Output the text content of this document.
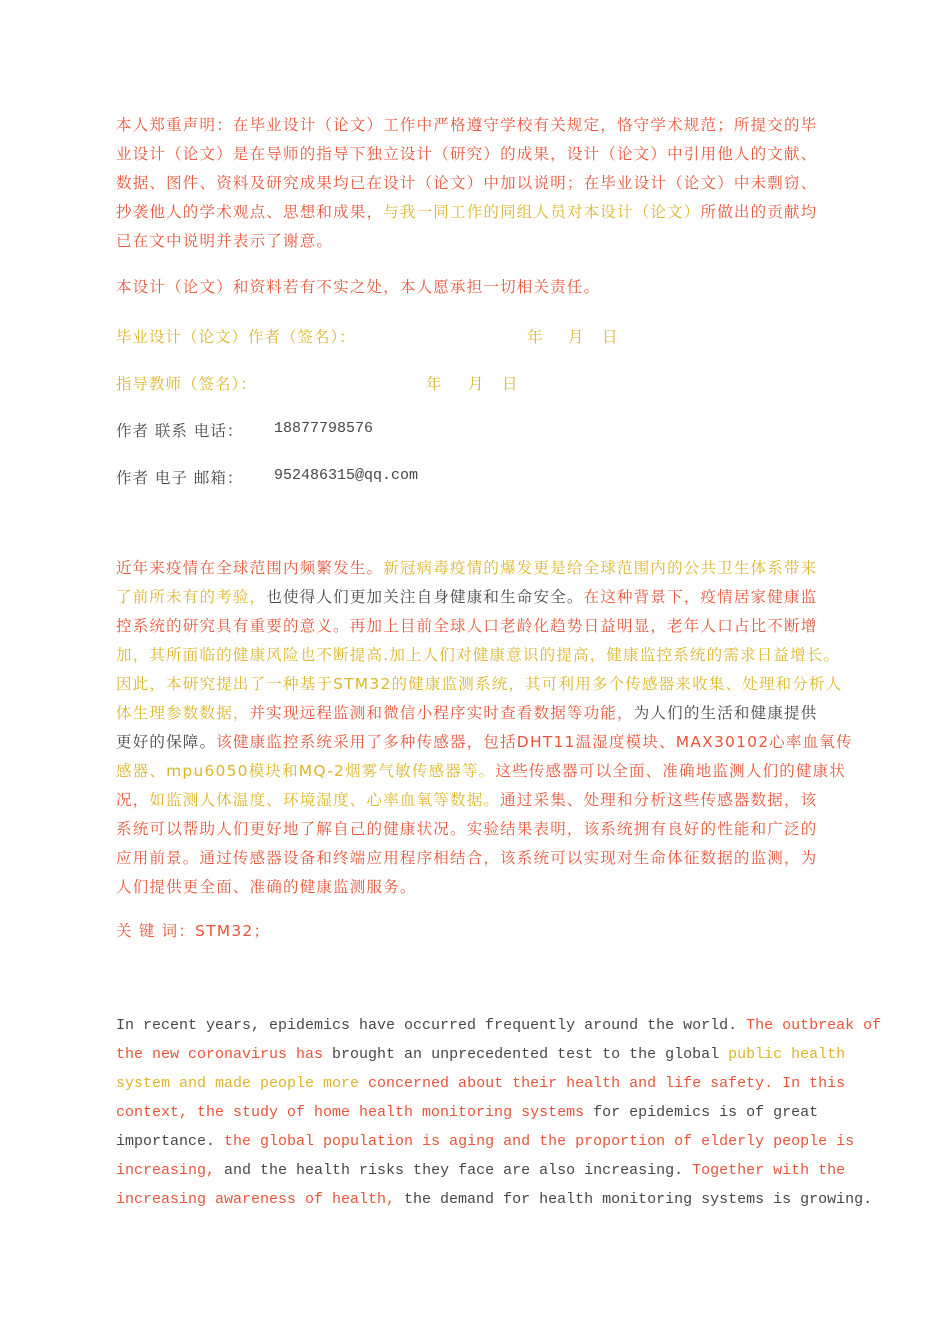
本人郑重声明：在毕业设计（论文）工作中严格遵守学校有关规定，恪守学术规范；所提交的毕
业设计（论文）是在导师的指导下独立设计（研究）的成果，设计（论文）中引用他人的文献、
数据、图件、资料及研究成果均已在设计（论文）中加以说明；在毕业设计（论文）中未剽窃、
抄袭他人的学术观点、思想和成果，与我一同工作的同组人员对本设计（论文）所做出的贡献均
已在文中说明并表示了谢意。
本设计（论文）和资料若有不实之处，本人愿承担一切相关责任。
毕业设计（论文）作者（签名）：	年 月 日
指导教师（签名）：	年 月 日
作者 联系 电话： 18877798576
作者 电子 邮箱： 952486315@qq.com
近年来疫情在全球范围内频繁发生。新冠病毒疫情的爆发更是给全球范围内的公共卫生体系带来
了前所未有的考验，也使得人们更加关注自身健康和生命安全。在这种背景下，疫情居家健康监
控系统的研究具有重要的意义。再加上目前全球人口老龄化趋势日益明显，老年人口占比不断增
加，其所面临的健康风险也不断提高.加上人们对健康意识的提高，健康监控系统的需求日益增长。
因此，本研究提出了一种基于STM32的健康监测系统，其可利用多个传感器来收集、处理和分析人
体生理参数数据，并实现远程监测和微信小程序实时查看数据等功能，为人们的生活和健康提供
更好的保障。该健康监控系统采用了多种传感器，包括DHT11温湿度模块、MAX30102心率血氧传
感器、mpu6050模块和MQ-2烟雾气敏传感器等。这些传感器可以全面、准确地监测人们的健康状
况，如监测人体温度、环境湿度、心率血氧等数据。通过采集、处理和分析这些传感器数据，该
系统可以帮助人们更好地了解自己的健康状况。实验结果表明，该系统拥有良好的性能和广泛的
应用前景。通过传感器设备和终端应用程序相结合，该系统可以实现对生命体征数据的监测，为
人们提供更全面、准确的健康监测服务。
关 键 词：STM32；
In recent years, epidemics have occurred frequently around the world. The outbreak of
the new coronavirus has brought an unprecedented test to the global public health
system and made people more concerned about their health and life safety. In this
context, the study of home health monitoring systems for epidemics is of great
importance. the global population is aging and the proportion of elderly people is
increasing, and the health risks they face are also increasing. Together with the
increasing awareness of health, the demand for health monitoring systems is growing.
